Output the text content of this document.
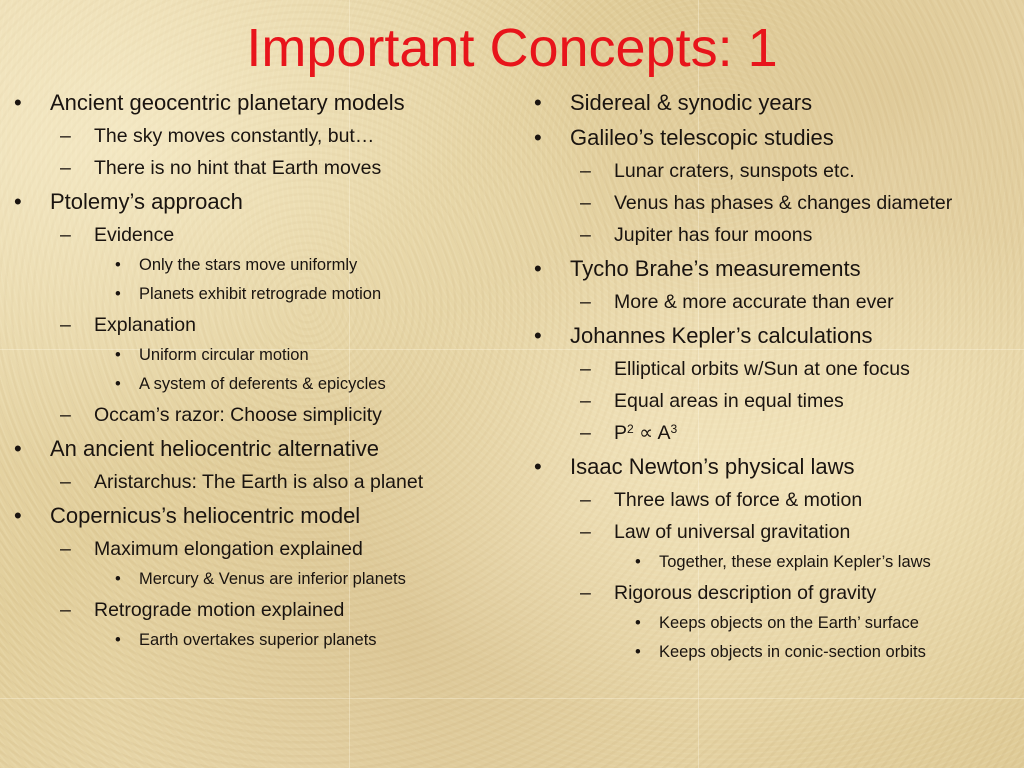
Important Concepts: 1
•	Ancient geocentric planetary models
–	The sky moves constantly, but…
–	There is no hint that Earth moves
•	Ptolemy’s approach
–	Evidence
•	Only the stars move uniformly
•	Planets exhibit retrograde motion
–	Explanation
•	Uniform circular motion
•	A system of deferents & epicycles
–	Occam’s razor: Choose simplicity
•	An ancient heliocentric alternative
–	Aristarchus: The Earth is also a planet
•	Copernicus’s heliocentric model
–	Maximum elongation explained
•	Mercury & Venus are inferior planets
–	Retrograde motion explained
•	Earth overtakes superior planets
•	Sidereal & synodic years
•	Galileo’s telescopic studies
–	Lunar craters, sunspots etc.
–	Venus has phases & changes diameter
–	Jupiter has four moons
•	Tycho Brahe’s measurements
–	More & more accurate than ever
•	Johannes Kepler’s calculations
–	Elliptical orbits w/Sun at one focus
–	Equal areas in equal times
–	$P^2 \propto A^3$
•	Isaac Newton’s physical laws
–	Three laws of force & motion
–	Law of universal gravitation
•	Together, these explain Kepler’s laws
–	Rigorous description of gravity
•	Keeps objects on the Earth’ surface
•	Keeps objects in conic-section orbits
